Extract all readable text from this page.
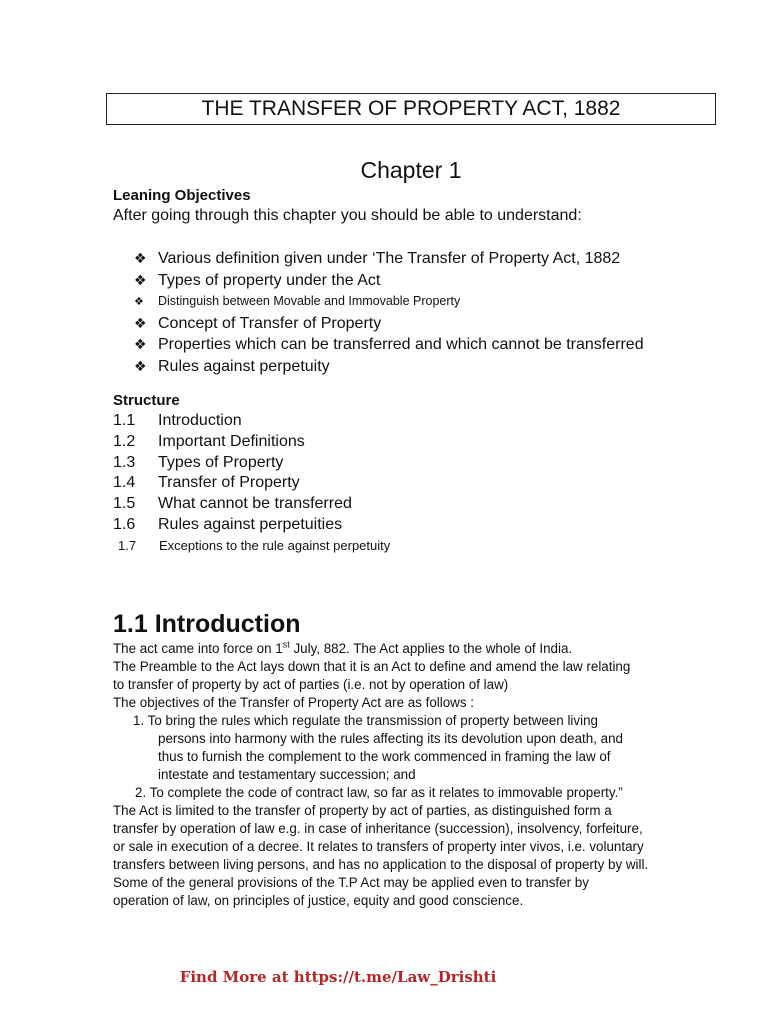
THE TRANSFER OF PROPERTY ACT, 1882
Chapter 1
Leaning Objectives
After going through this chapter you should be able to understand:
❖ Various definition given under ‘The Transfer of Property Act, 1882
❖ Types of property under the Act
❖ Distinguish between Movable and Immovable Property
❖ Concept of Transfer of Property
❖ Properties which can be transferred and which cannot be transferred
❖ Rules against perpetuity
Structure
1.1 Introduction
1.2 Important Definitions
1.3 Types of Property
1.4 Transfer of Property
1.5 What cannot be transferred
1.6 Rules against perpetuities
1.7 Exceptions to the rule against perpetuity
1.1 Introduction

The act came into force on 1st July, 882. The Act applies to the whole of India.

The Preamble to the Act lays down that it is an Act to define and amend the law relating

to transfer of property by act of parties (i.e. not by operation of law)

The objectives of the Transfer of Property Act are as follows :

1. To bring the rules which regulate the transmission of property between living

persons into harmony with the rules affecting its its devolution upon death, and

thus to furnish the complement to the work commenced in framing the law of

intestate and testamentary succession; and

2. To complete the code of contract law, so far as it relates to immovable property.”

The Act is limited to the transfer of property by act of parties, as distinguished form a

transfer by operation of law e.g. in case of inheritance (succession), insolvency, forfeiture,

or sale in execution of a decree. It relates to transfers of property inter vivos, i.e. voluntary

transfers between living persons, and has no application to the disposal of property by will.

Some of the general provisions of the T.P Act may be applied even to transfer by

operation of law, on principles of justice, equity and good conscience.

Find More at https://t.me/Law_Drishti
